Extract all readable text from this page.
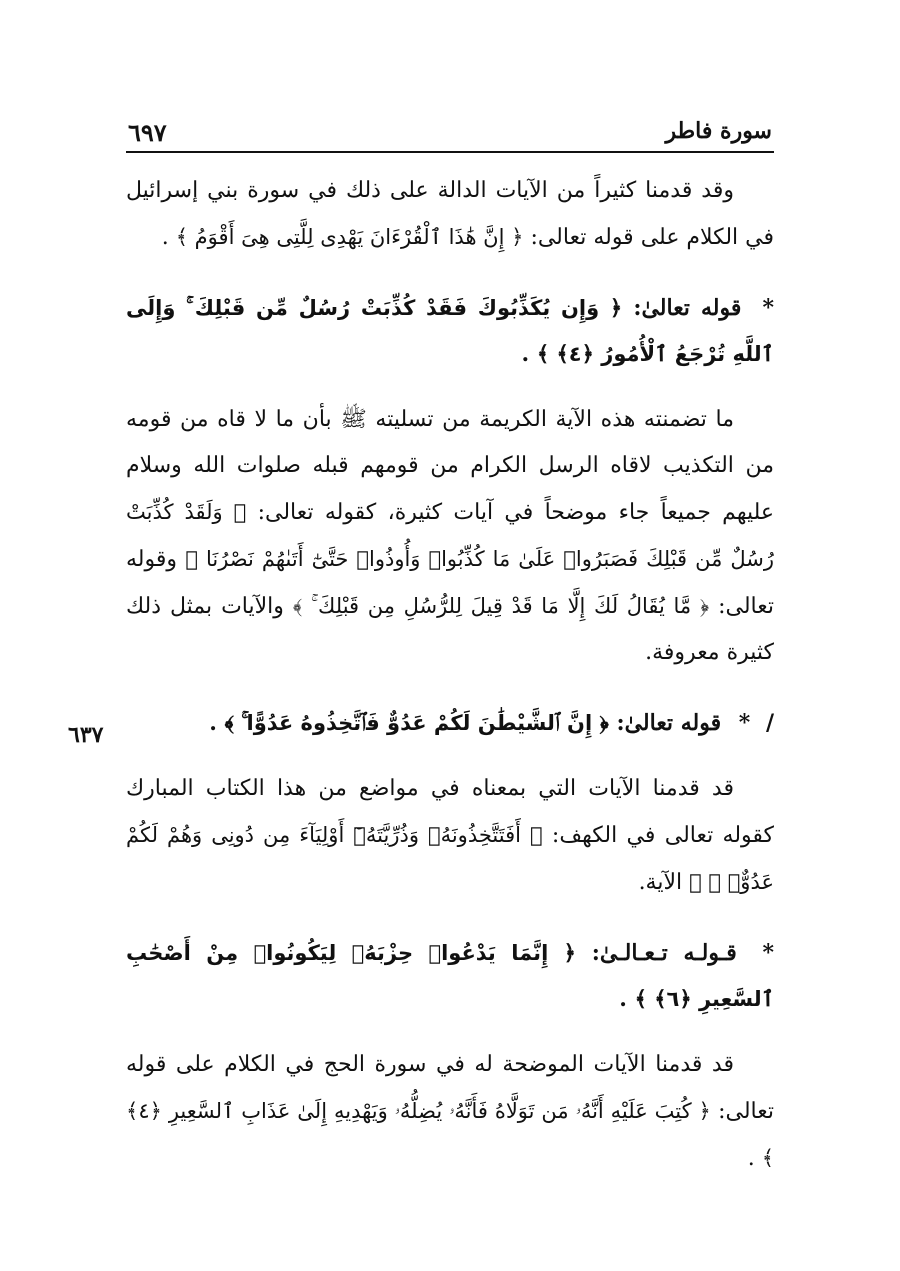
سورة فاطر
٦٩٧
٦٣٧

وقد قدمنا كثيراً من الآيات الدالة على ذلك في سورة بني إسرائيل في الكلام على قوله تعالى: ﴿ إِنَّ هَٰذَا ٱلْقُرْءَانَ يَهْدِى لِلَّتِى هِىَ أَقْوَمُ ﴾ .

* قوله تعالىٰ: ﴿ وَإِن يُكَذِّبُوكَ فَقَدْ كُذِّبَتْ رُسُلٌ مِّن قَبْلِكَ ۚ وَإِلَى ٱللَّهِ تُرْجَعُ ٱلْأُمُورُ ﴿٤﴾ ﴾ .

ما تضمنته هذه الآية الكريمة من تسليته ﷺ بأن ما لا قاه من قومه من التكذيب لاقاه الرسل الكرام من قومهم قبله صلوات الله وسلام عليهم جميعاً جاء موضحاً في آيات كثيرة، كقوله تعالى: ﴿ وَلَقَدْ كُذِّبَتْ رُسُلٌ مِّن قَبْلِكَ فَصَبَرُوا۟ عَلَىٰ مَا كُذِّبُوا۟ وَأُوذُوا۟ حَتَّىٰٓ أَتَىٰهُمْ نَصْرُنَا ﴾ وقوله تعالى: ﴿ مَّا يُقَالُ لَكَ إِلَّا مَا قَدْ قِيلَ لِلرُّسُلِ مِن قَبْلِكَ ۚ ﴾ والآيات بمثل ذلك كثيرة معروفة.

/ * قوله تعالىٰ: ﴿ إِنَّ ٱلشَّيْطَٰنَ لَكُمْ عَدُوٌّ فَٱتَّخِذُوهُ عَدُوًّا ۚ ﴾ .

قد قدمنا الآيات التي بمعناه في مواضع من هذا الكتاب المبارك كقوله تعالى في الكهف: ﴿ أَفَتَتَّخِذُونَهُۥ وَذُرِّيَّتَهُۥٓ أَوْلِيَآءَ مِن دُونِى وَهُمْ لَكُمْ عَدُوٌّۢ ۚ ﴾ الآية.

* قـولـه تـعـالـىٰ: ﴿ إِنَّمَا يَدْعُوا۟ حِزْبَهُۥ لِيَكُونُوا۟ مِنْ أَصْحَٰبِ ٱلسَّعِيرِ ﴿٦﴾ ﴾ .

قد قدمنا الآيات الموضحة له في سورة الحج في الكلام على قوله تعالى: ﴿ كُتِبَ عَلَيْهِ أَنَّهُۥ مَن تَوَلَّاهُ فَأَنَّهُۥ يُضِلُّهُۥ وَيَهْدِيهِ إِلَىٰ عَذَابِ ٱلسَّعِيرِ ﴿٤﴾ ﴾ .
